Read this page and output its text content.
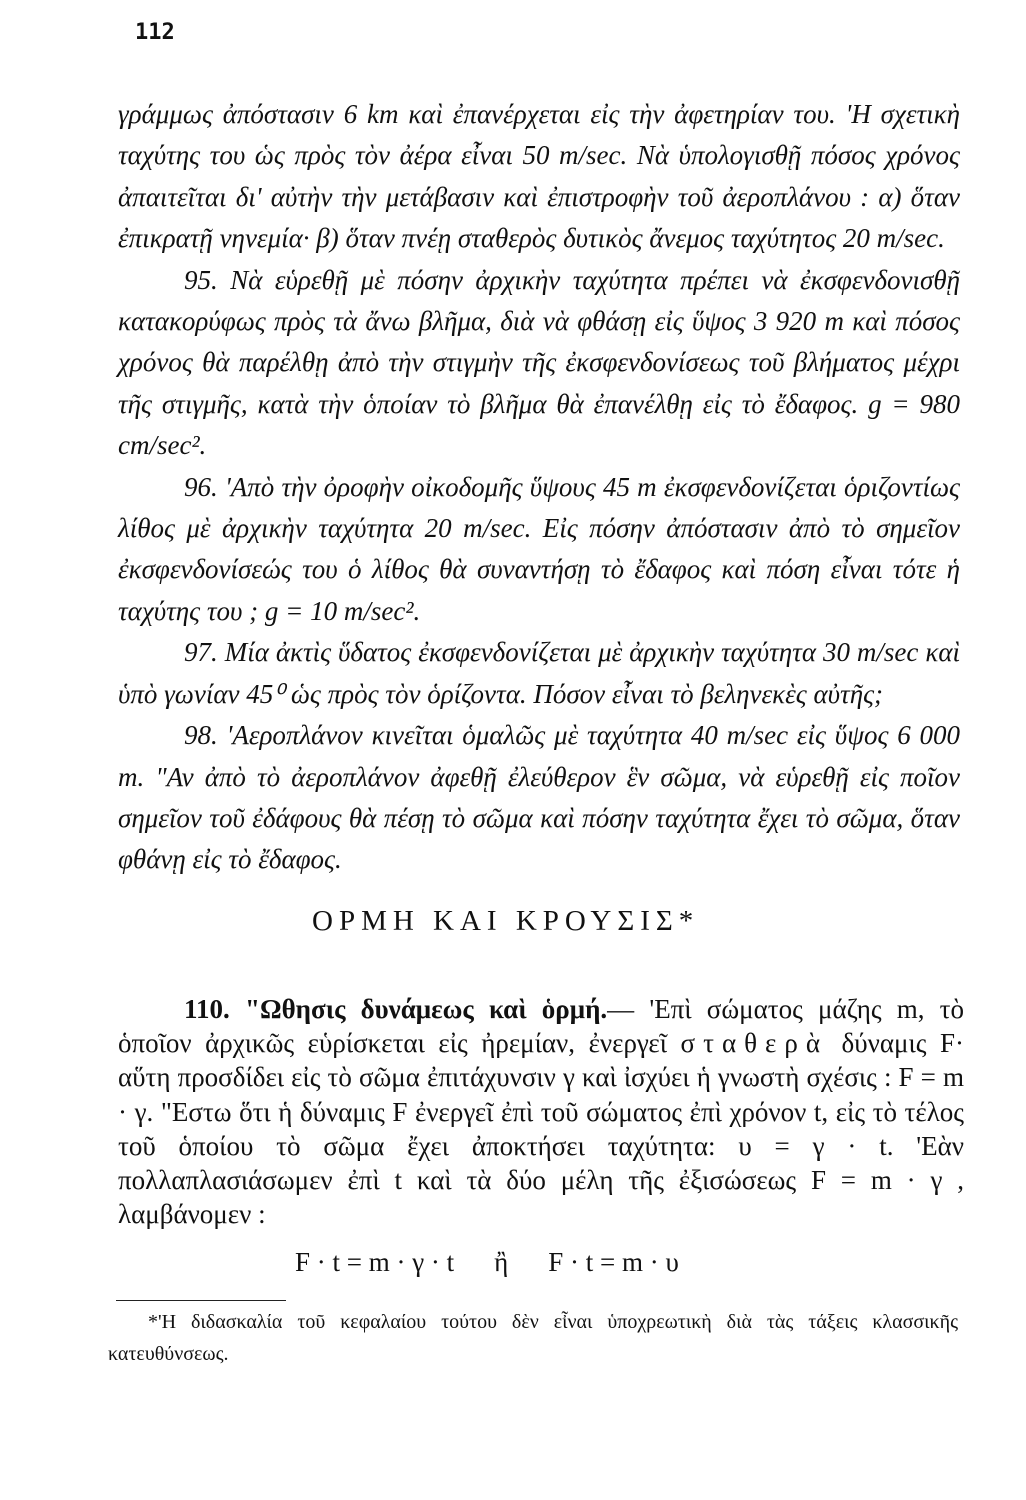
112

γράμμως ἀπόστασιν 6 km καὶ ἐπανέρχεται εἰς τὴν ἀφετηρίαν του. 'Η σχετικὴ ταχύτης του ὡς πρὸς τὸν ἀέρα εἶναι 50 m/sec. Νὰ ὑπολογισθῇ πόσος χρόνος ἀπαιτεῖται δι' αὐτὴν τὴν μετάβασιν καὶ ἐπιστροφὴν τοῦ ἀεροπλάνου : α) ὅταν ἐπικρατῇ νηνεμία· β) ὅταν πνέῃ σταθερὸς δυτικὸς ἄνεμος ταχύτητος 20 m/sec.

95. Νὰ εὑρεθῇ μὲ πόσην ἀρχικὴν ταχύτητα πρέπει νὰ ἐκσφενδονισθῇ κατακορύφως πρὸς τὰ ἄνω βλῆμα, διὰ νὰ φθάσῃ εἰς ὕψος 3 920 m καὶ πόσος χρόνος θὰ παρέλθῃ ἀπὸ τὴν στιγμὴν τῆς ἐκσφενδονίσεως τοῦ βλήματος μέχρι τῆς στιγμῆς, κατὰ τὴν ὁποίαν τὸ βλῆμα θὰ ἐπανέλθῃ εἰς τὸ ἔδαφος. g = 980 cm/sec².

96. 'Απὸ τὴν ὀροφὴν οἰκοδομῆς ὕψους 45 m ἐκσφενδονίζεται ὁριζοντίως λίθος μὲ ἀρχικὴν ταχύτητα 20 m/sec. Εἰς πόσην ἀπόστασιν ἀπὸ τὸ σημεῖον ἐκσφενδονίσεώς του ὁ λίθος θὰ συναντήσῃ τὸ ἔδαφος καὶ πόση εἶναι τότε ἡ ταχύτης του ; g = 10 m/sec².

97. Μία ἀκτὶς ὕδατος ἐκσφενδονίζεται μὲ ἀρχικὴν ταχύτητα 30 m/sec καὶ ὑπὸ γωνίαν 45⁰ ὡς πρὸς τὸν ὁρίζοντα. Πόσον εἶναι τὸ βεληνεκὲς αὐτῆς;

98. 'Αεροπλάνον κινεῖται ὁμαλῶς μὲ ταχύτητα 40 m/sec εἰς ὕψος 6 000 m. "Αν ἀπὸ τὸ ἀεροπλάνον ἀφεθῇ ἐλεύθερον ἓν σῶμα, νὰ εὑρεθῇ εἰς ποῖον σημεῖον τοῦ ἐδάφους θὰ πέσῃ τὸ σῶμα καὶ πόσην ταχύτητα ἔχει τὸ σῶμα, ὅταν φθάνῃ εἰς τὸ ἔδαφος.

ΟΡΜΗ ΚΑΙ ΚΡΟΥΣΙΣ*

110. "Ωθησις δυνάμεως καὶ ὁρμή.— 'Επὶ σώματος μάζης m, τὸ ὁποῖον ἀρχικῶς εὑρίσκεται εἰς ἠρεμίαν, ἐνεργεῖ σταθερὰ δύναμις F· αὕτη προσδίδει εἰς τὸ σῶμα ἐπιτάχυνσιν γ καὶ ἰσχύει ἡ γνωστὴ σχέσις : F = m · γ. "Εστω ὅτι ἡ δύναμις F ἐνεργεῖ ἐπὶ τοῦ σώματος ἐπὶ χρόνον t, εἰς τὸ τέλος τοῦ ὁποίου τὸ σῶμα ἔχει ἀποκτήσει ταχύτητα: υ = γ · t. 'Εὰν πολλαπλασιάσωμεν ἐπὶ t καὶ τὰ δύο μέλη τῆς ἐξισώσεως F = m · γ , λαμβάνομεν :

F · t = m · γ · t ἢ F · t = m · υ
*'Η διδασκαλία τοῦ κεφαλαίου τούτου δὲν εἶναι ὑποχρεωτικὴ διὰ τὰς τάξεις κλασσικῆς κατευθύνσεως.
